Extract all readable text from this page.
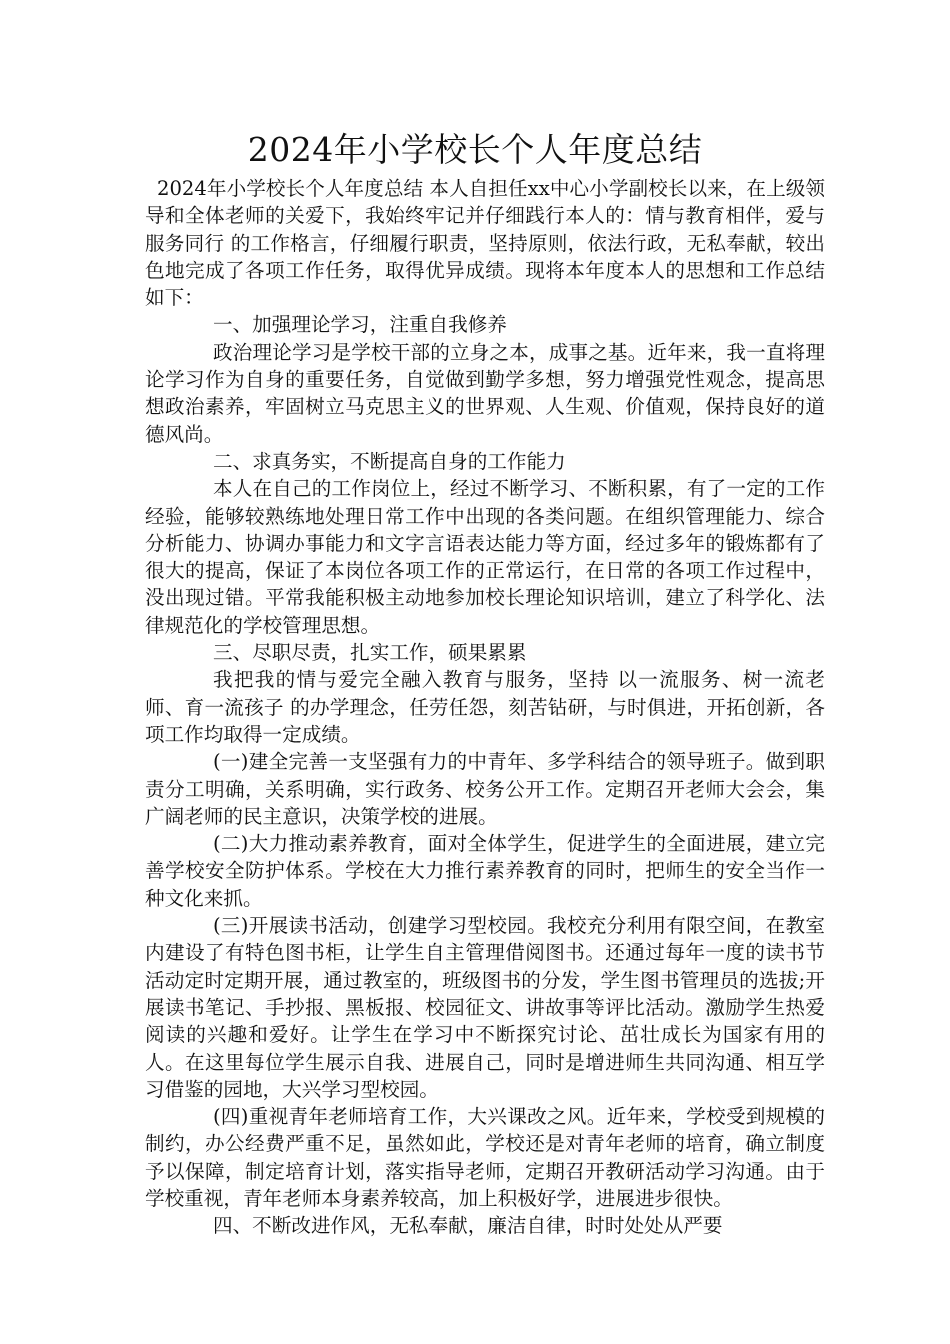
2024年小学校长个人年度总结

2024年小学校长个人年度总结 本人自担任xx中心小学副校长以来，在上级领导和全体老师的关爱下，我始终牢记并仔细践行本人的：情与教育相伴，爱与服务同行 的工作格言，仔细履行职责，坚持原则，依法行政，无私奉献，较出色地完成了各项工作任务，取得优异成绩。现将本年度本人的思想和工作总结如下：

一、加强理论学习，注重自我修养

政治理论学习是学校干部的立身之本，成事之基。近年来，我一直将理论学习作为自身的重要任务，自觉做到勤学多想，努力增强党性观念，提高思想政治素养，牢固树立马克思主义的世界观、人生观、价值观，保持良好的道德风尚。

二、求真务实，不断提高自身的工作能力

本人在自己的工作岗位上，经过不断学习、不断积累，有了一定的工作经验，能够较熟练地处理日常工作中出现的各类问题。在组织管理能力、综合分析能力、协调办事能力和文字言语表达能力等方面，经过多年的锻炼都有了很大的提高，保证了本岗位各项工作的正常运行，在日常的各项工作过程中，没出现过错。平常我能积极主动地参加校长理论知识培训，建立了科学化、法律规范化的学校管理思想。

三、尽职尽责，扎实工作，硕果累累

我把我的情与爱完全融入教育与服务，坚持 以一流服务、树一流老师、育一流孩子 的办学理念，任劳任怨，刻苦钻研，与时俱进，开拓创新，各项工作均取得一定成绩。

(一)建全完善一支坚强有力的中青年、多学科结合的领导班子。做到职责分工明确，关系明确，实行政务、校务公开工作。定期召开老师大会会，集广阔老师的民主意识，决策学校的进展。

(二)大力推动素养教育，面对全体学生，促进学生的全面进展，建立完善学校安全防护体系。学校在大力推行素养教育的同时，把师生的安全当作一种文化来抓。

(三)开展读书活动，创建学习型校园。我校充分利用有限空间，在教室内建设了有特色图书柜，让学生自主管理借阅图书。还通过每年一度的读书节活动定时定期开展，通过教室的，班级图书的分发，学生图书管理员的选拔;开展读书笔记、手抄报、黑板报、校园征文、讲故事等评比活动。激励学生热爱阅读的兴趣和爱好。让学生在学习中不断探究讨论、茁壮成长为国家有用的人。在这里每位学生展示自我、进展自己，同时是增进师生共同沟通、相互学习借鉴的园地，大兴学习型校园。

(四)重视青年老师培育工作，大兴课改之风。近年来，学校受到规模的制约，办公经费严重不足，虽然如此，学校还是对青年老师的培育，确立制度予以保障，制定培育计划，落实指导老师，定期召开教研活动学习沟通。由于学校重视，青年老师本身素养较高，加上积极好学，进展进步很快。

四、不断改进作风，无私奉献，廉洁自律，时时处处从严要
